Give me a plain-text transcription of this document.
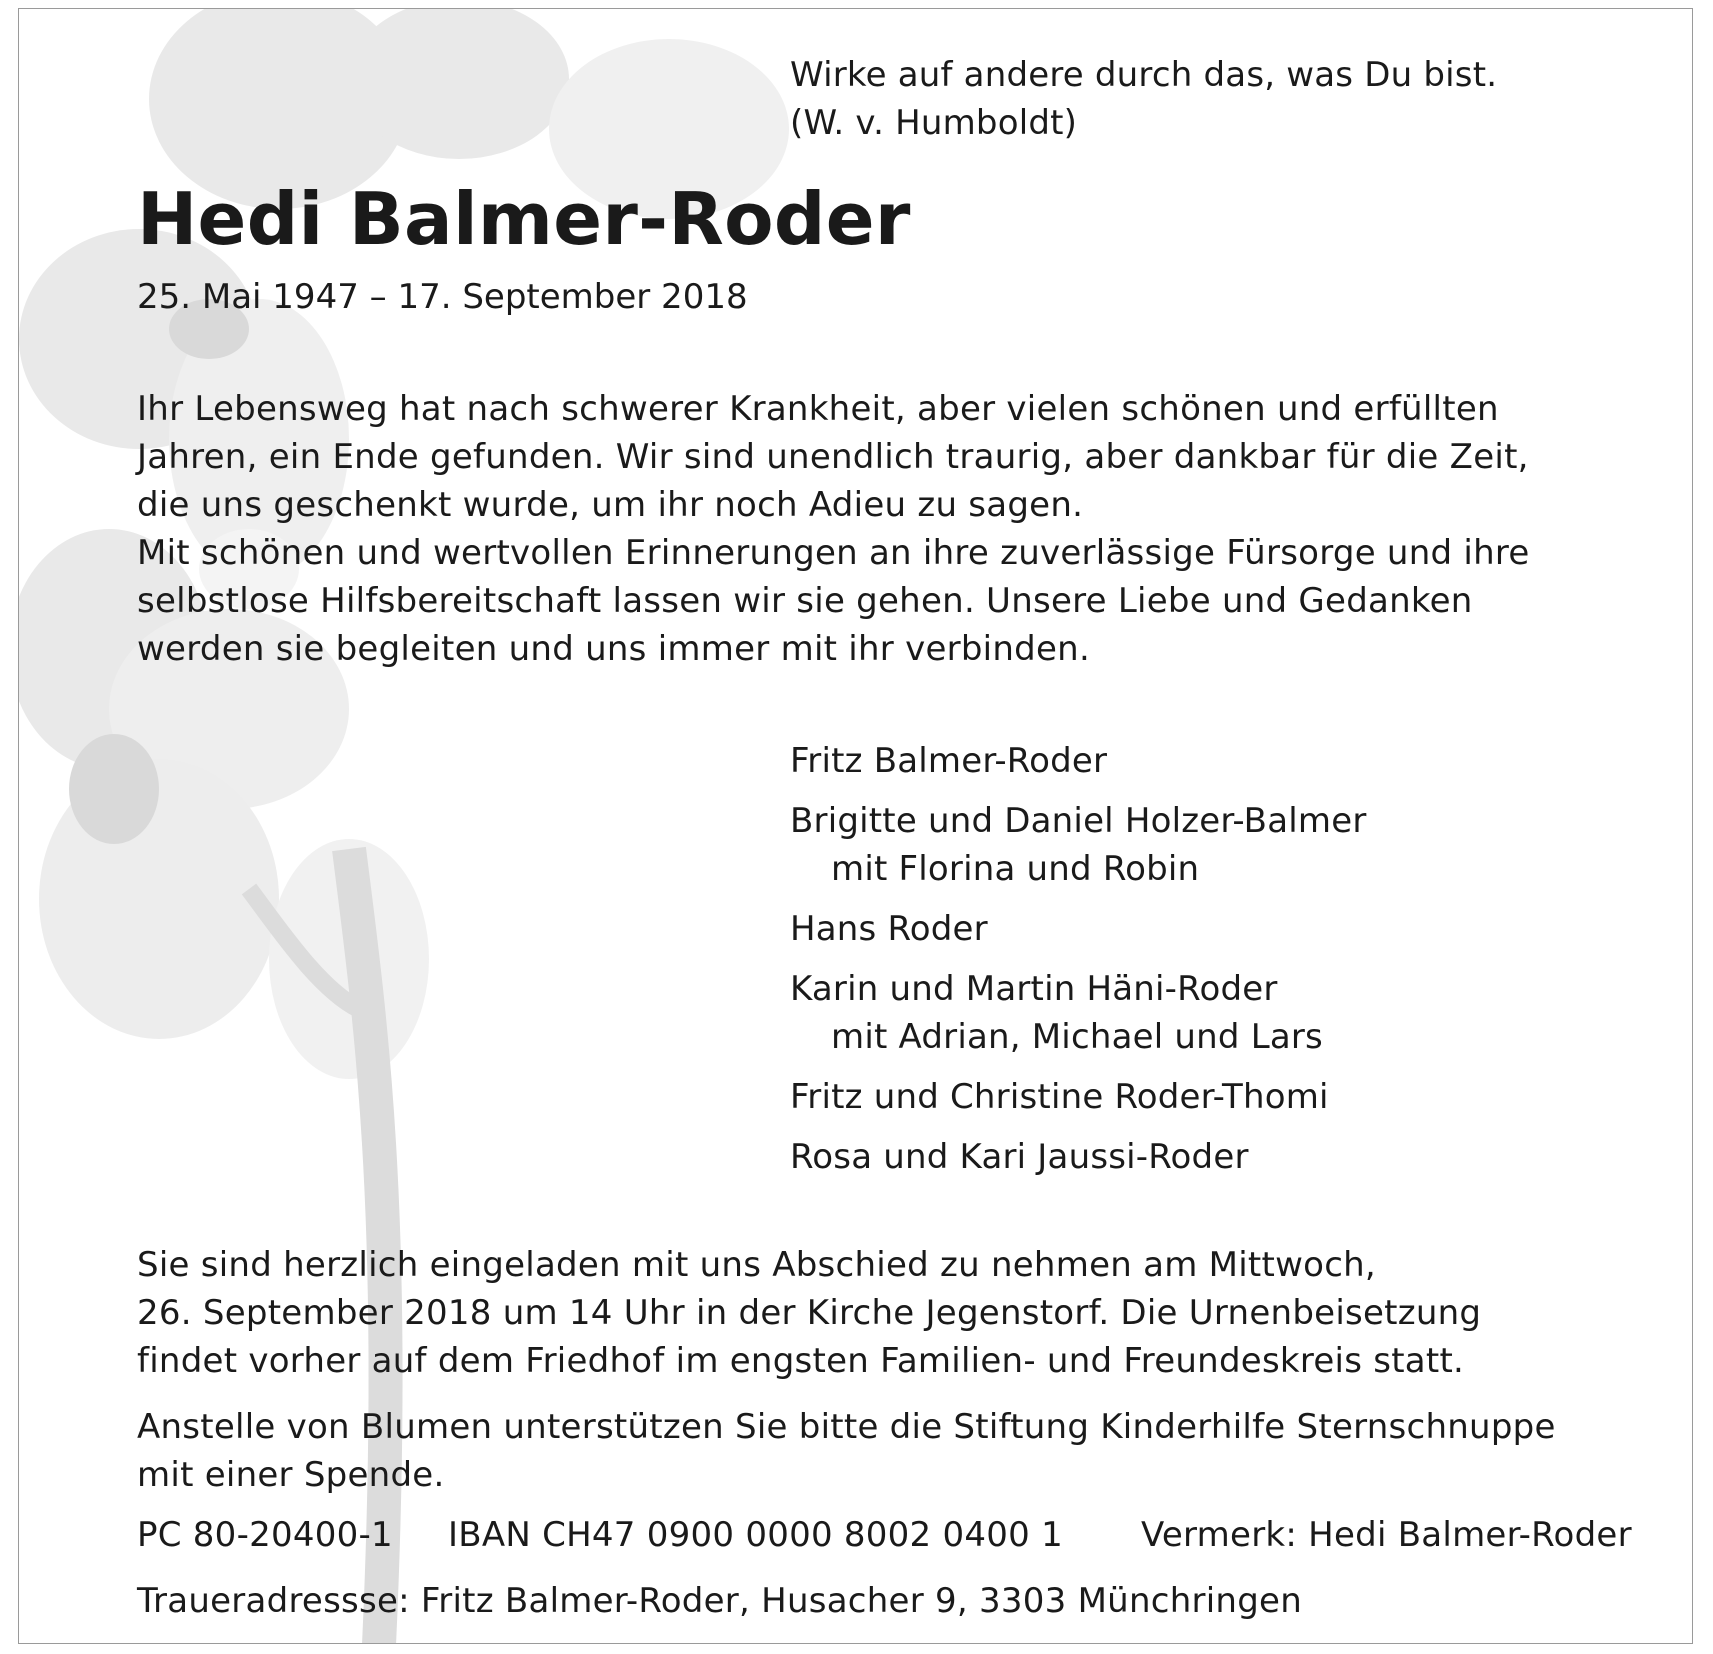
Wirke auf andere durch das, was Du bist.

(W. v. Humboldt)

Hedi Balmer-Roder

25. Mai 1947 – 17. September 2018

Ihr Lebensweg hat nach schwerer Krankheit, aber vielen schönen und erfüllten

Jahren, ein Ende gefunden. Wir sind unendlich traurig, aber dankbar für die Zeit,

die uns geschenkt wurde, um ihr noch Adieu zu sagen.

Mit schönen und wertvollen Erinnerungen an ihre zuverlässige Fürsorge und ihre

selbstlose Hilfsbereitschaft lassen wir sie gehen. Unsere Liebe und Gedanken

werden sie begleiten und uns immer mit ihr verbinden.

Fritz Balmer-Roder

Brigitte und Daniel Holzer-Balmer

mit Florina und Robin

Hans Roder

Karin und Martin Häni-Roder

mit Adrian, Michael und Lars

Fritz und Christine Roder-Thomi

Rosa und Kari Jaussi-Roder

Sie sind herzlich eingeladen mit uns Abschied zu nehmen am Mittwoch,

26. September 2018 um 14 Uhr in der Kirche Jegenstorf. Die Urnenbeisetzung

findet vorher auf dem Friedhof im engsten Familien- und Freundeskreis statt.

Anstelle von Blumen unterstützen Sie bitte die Stiftung Kinderhilfe Sternschnuppe

mit einer Spende.

PC 80-20400-1 IBAN CH47 0900 0000 8002 0400 1 Vermerk: Hedi Balmer-Roder

Traueradressse: Fritz Balmer-Roder, Husacher 9, 3303 Münchringen
